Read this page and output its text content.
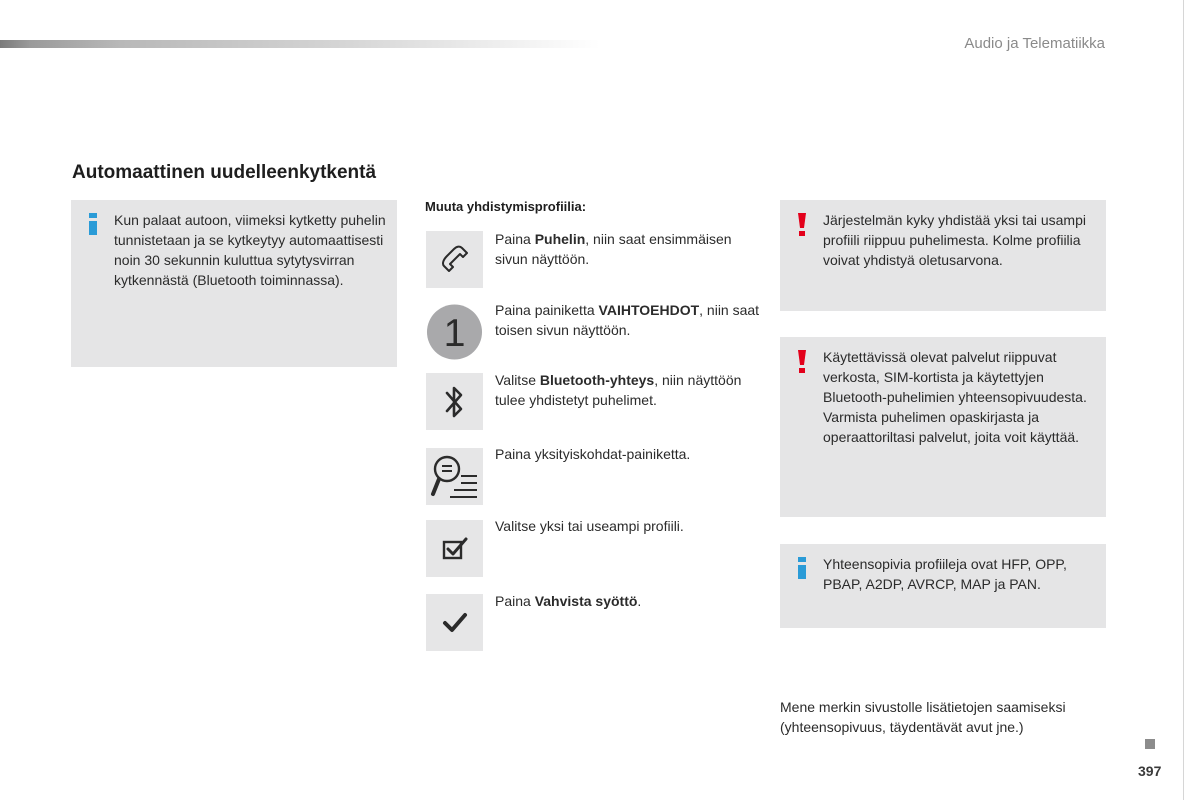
Audio ja Telematiikka
Automaattinen uudelleenkytkentä
Kun palaat autoon, viimeksi kytketty puhelin tunnistetaan ja se kytkeytyy automaattisesti noin 30 sekunnin kuluttua sytytysvirran kytkennästä (Bluetooth toiminnassa).
Muuta yhdistymisprofiilia:
Paina Puhelin, niin saat ensimmäisen sivun näyttöön.
1
Paina painiketta VAIHTOEHDOT, niin saat toisen sivun näyttöön.
Valitse Bluetooth-yhteys, niin näyttöön tulee yhdistetyt puhelimet.
Paina yksityiskohdat-painiketta.
Valitse yksi tai useampi profiili.
Paina Vahvista syöttö.
Järjestelmän kyky yhdistää yksi tai usampi profiili riippuu puhelimesta. Kolme profiilia voivat yhdistyä oletusarvona.
Käytettävissä olevat palvelut riippuvat verkosta, SIM-kortista ja käytettyjen Bluetooth-puhelimien yhteensopivuudesta. Varmista puhelimen opaskirjasta ja operaattoriltasi palvelut, joita voit käyttää.
Yhteensopivia profiileja ovat HFP, OPP, PBAP, A2DP, AVRCP, MAP ja PAN.
Mene merkin sivustolle lisätietojen saamiseksi (yhteensopivuus, täydentävät avut jne.)
397
